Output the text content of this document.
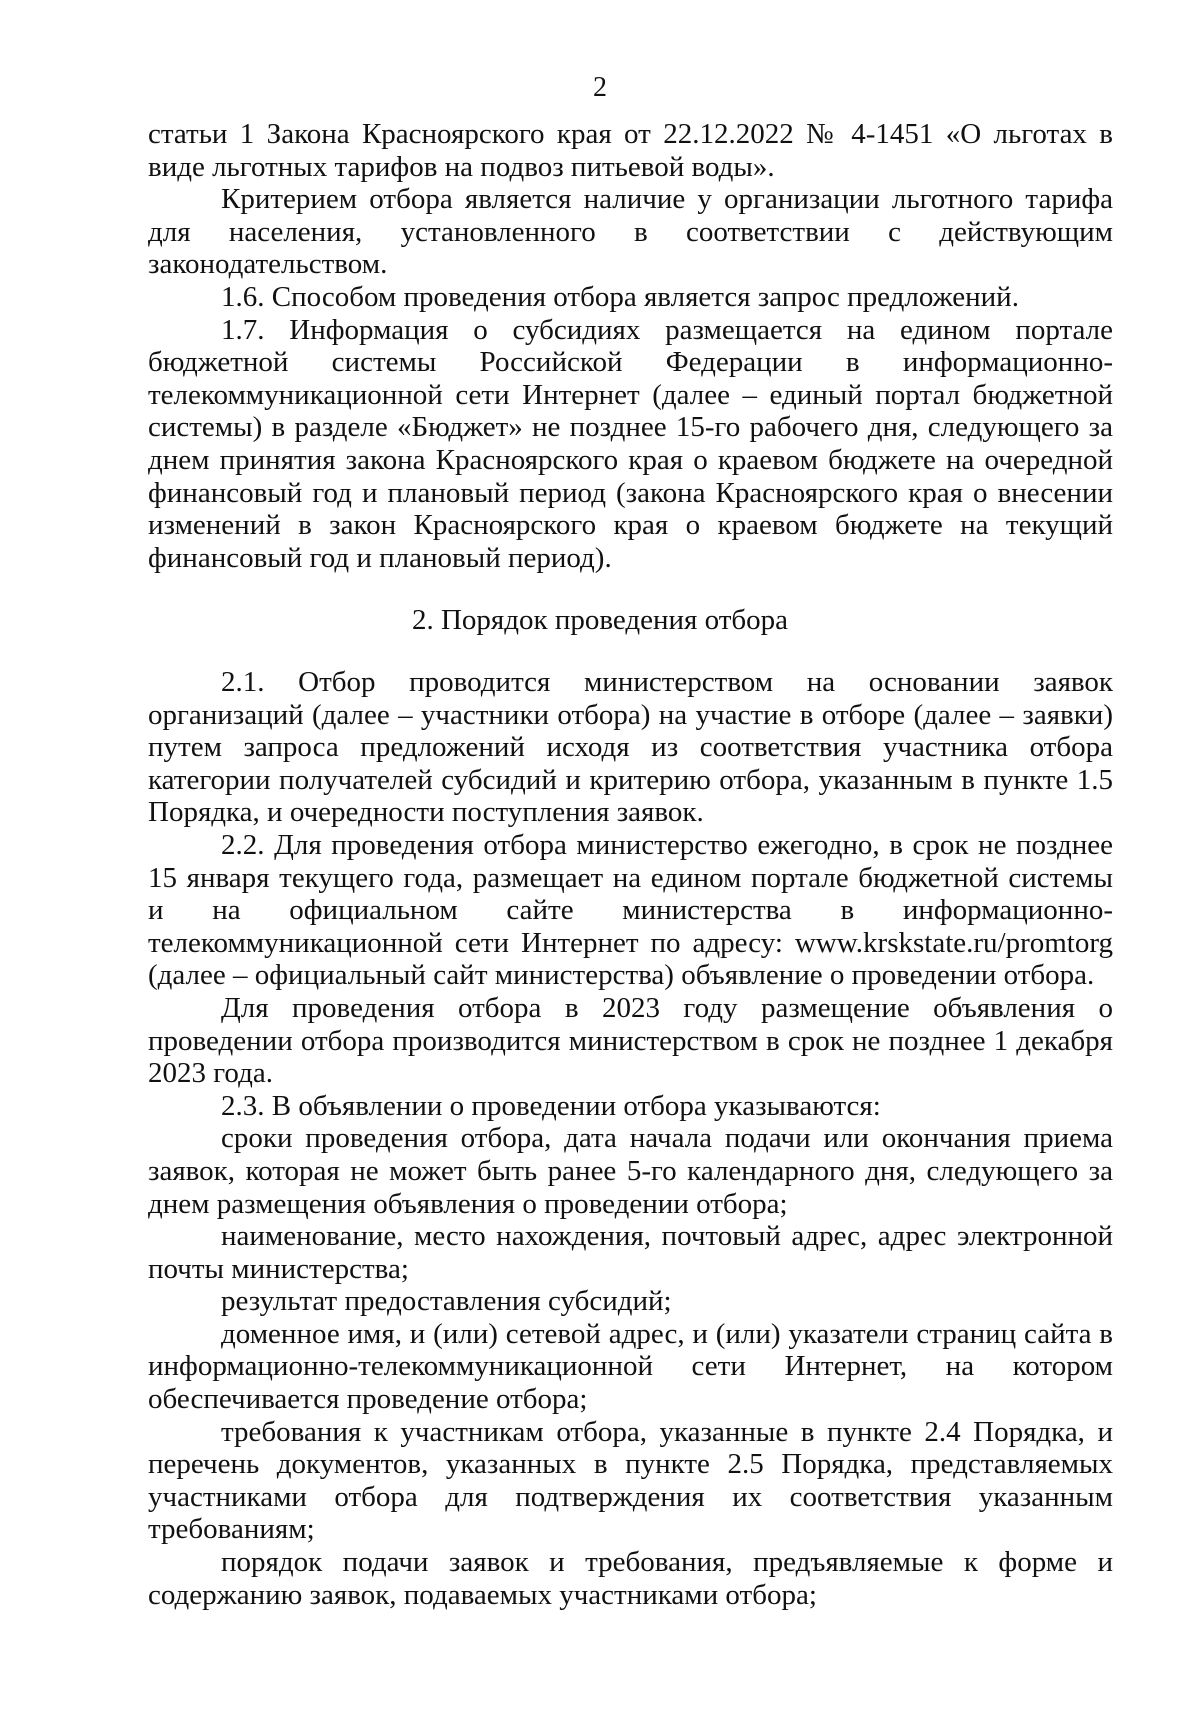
2

статьи 1 Закона Красноярского края от 22.12.2022 № 4-1451 «О льготах в виде льготных тарифов на подвоз питьевой воды».

Критерием отбора является наличие у организации льготного тарифа для населения, установленного в соответствии с действующим законодательством.

1.6. Способом проведения отбора является запрос предложений.

1.7. Информация о субсидиях размещается на едином портале бюджетной системы Российской Федерации в информационно-телекоммуникационной сети Интернет (далее – единый портал бюджетной системы) в разделе «Бюджет» не позднее 15-го рабочего дня, следующего за днем принятия закона Красноярского края о краевом бюджете на очередной финансовый год и плановый период (закона Красноярского края о внесении изменений в закон Красноярского края о краевом бюджете на текущий финансовый год и плановый период).

2. Порядок проведения отбора

2.1. Отбор проводится министерством на основании заявок организаций (далее – участники отбора) на участие в отборе (далее – заявки) путем запроса предложений исходя из соответствия участника отбора категории получателей субсидий и критерию отбора, указанным в пункте 1.5 Порядка, и очередности поступления заявок.

2.2. Для проведения отбора министерство ежегодно, в срок не позднее 15 января текущего года, размещает на едином портале бюджетной системы и на официальном сайте министерства в информационно-телекоммуникационной сети Интернет по адресу: www.krskstate.ru/promtorg (далее – официальный сайт министерства) объявление о проведении отбора.

Для проведения отбора в 2023 году размещение объявления о проведении отбора производится министерством в срок не позднее 1 декабря 2023 года.

2.3. В объявлении о проведении отбора указываются:

сроки проведения отбора, дата начала подачи или окончания приема заявок, которая не может быть ранее 5-го календарного дня, следующего за днем размещения объявления о проведении отбора;

наименование, место нахождения, почтовый адрес, адрес электронной почты министерства;

результат предоставления субсидий;

доменное имя, и (или) сетевой адрес, и (или) указатели страниц сайта в информационно-телекоммуникационной сети Интернет, на котором обеспечивается проведение отбора;

требования к участникам отбора, указанные в пункте 2.4 Порядка, и перечень документов, указанных в пункте 2.5 Порядка, представляемых участниками отбора для подтверждения их соответствия указанным требованиям;

порядок подачи заявок и требования, предъявляемые к форме и содержанию заявок, подаваемых участниками отбора;
